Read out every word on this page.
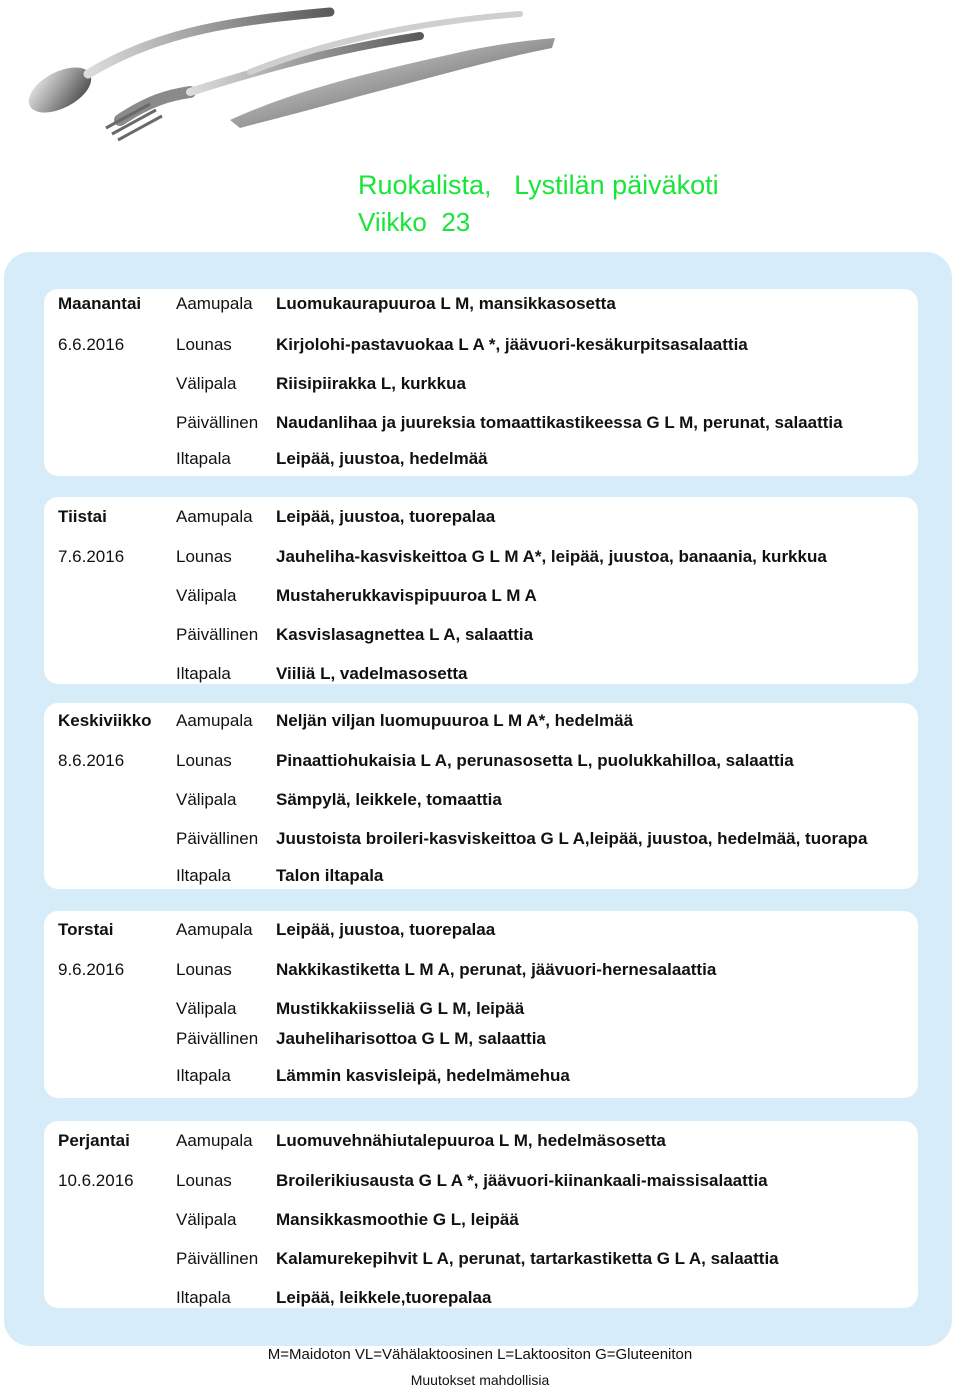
Ruokalista,   Lystilän päiväkoti
Viikko  23
Maanantai Aamupala Luomukaurapuuroa L M, mansikkasosetta
6.6.2016	Lounas	Kirjolohi-pastavuokaa L A *, jäävuori-kesäkurpitsasalaattia
Välipala Riisipiirakka L, kurkkua
Päivällinen Naudanlihaa ja juureksia tomaattikastikeessa G L M, perunat, salaattia
Iltapala	Leipää, juustoa, hedelmää
Tiistai	Aamupala Leipää, juustoa, tuorepalaa
7.6.2016	Lounas	Jauheliha-kasviskeittoa G L M A*, leipää, juustoa, banaania, kurkkua
Välipala Mustaherukkavispipuuroa L M A
Päivällinen Kasvislasagnettea L A, salaattia
Iltapala	Viiliä L, vadelmasosetta
Keskiviikko Aamupala Neljän viljan luomupuuroa L M A*, hedelmää
8.6.2016	Lounas	Pinaattiohukaisia L A, perunasosetta L, puolukkahilloa, salaattia
Välipala Sämpylä, leikkele, tomaattia
Päivällinen Juustoista broileri-kasviskeittoa G L A,leipää, juustoa, hedelmää, tuorapa
Iltapala	Talon iltapala
Torstai	Aamupala Leipää, juustoa, tuorepalaa
9.6.2016	Lounas	Nakkikastiketta L M A, perunat, jäävuori-hernesalaattia
Välipala Mustikkakiisseliä G L M, leipää
Päivällinen Jauheliharisottoa G L M, salaattia
Iltapala	Lämmin kasvisleipä, hedelmämehua
Perjantai	Aamupala Luomuvehnähiutalepuuroa L M, hedelmäsosetta
10.6.2016 Lounas	Broilerikiusausta G L A *, jäävuori-kiinankaali-maissisalaattia
Välipala Mansikkasmoothie G L, leipää
Päivällinen Kalamurekepihvit L A, perunat, tartarkastiketta G L A, salaattia
Iltapala	Leipää, leikkele,tuorepalaa
M=Maidoton VL=Vähälaktoosinen L=Laktoositon G=Gluteeniton
Muutokset mahdollisia
